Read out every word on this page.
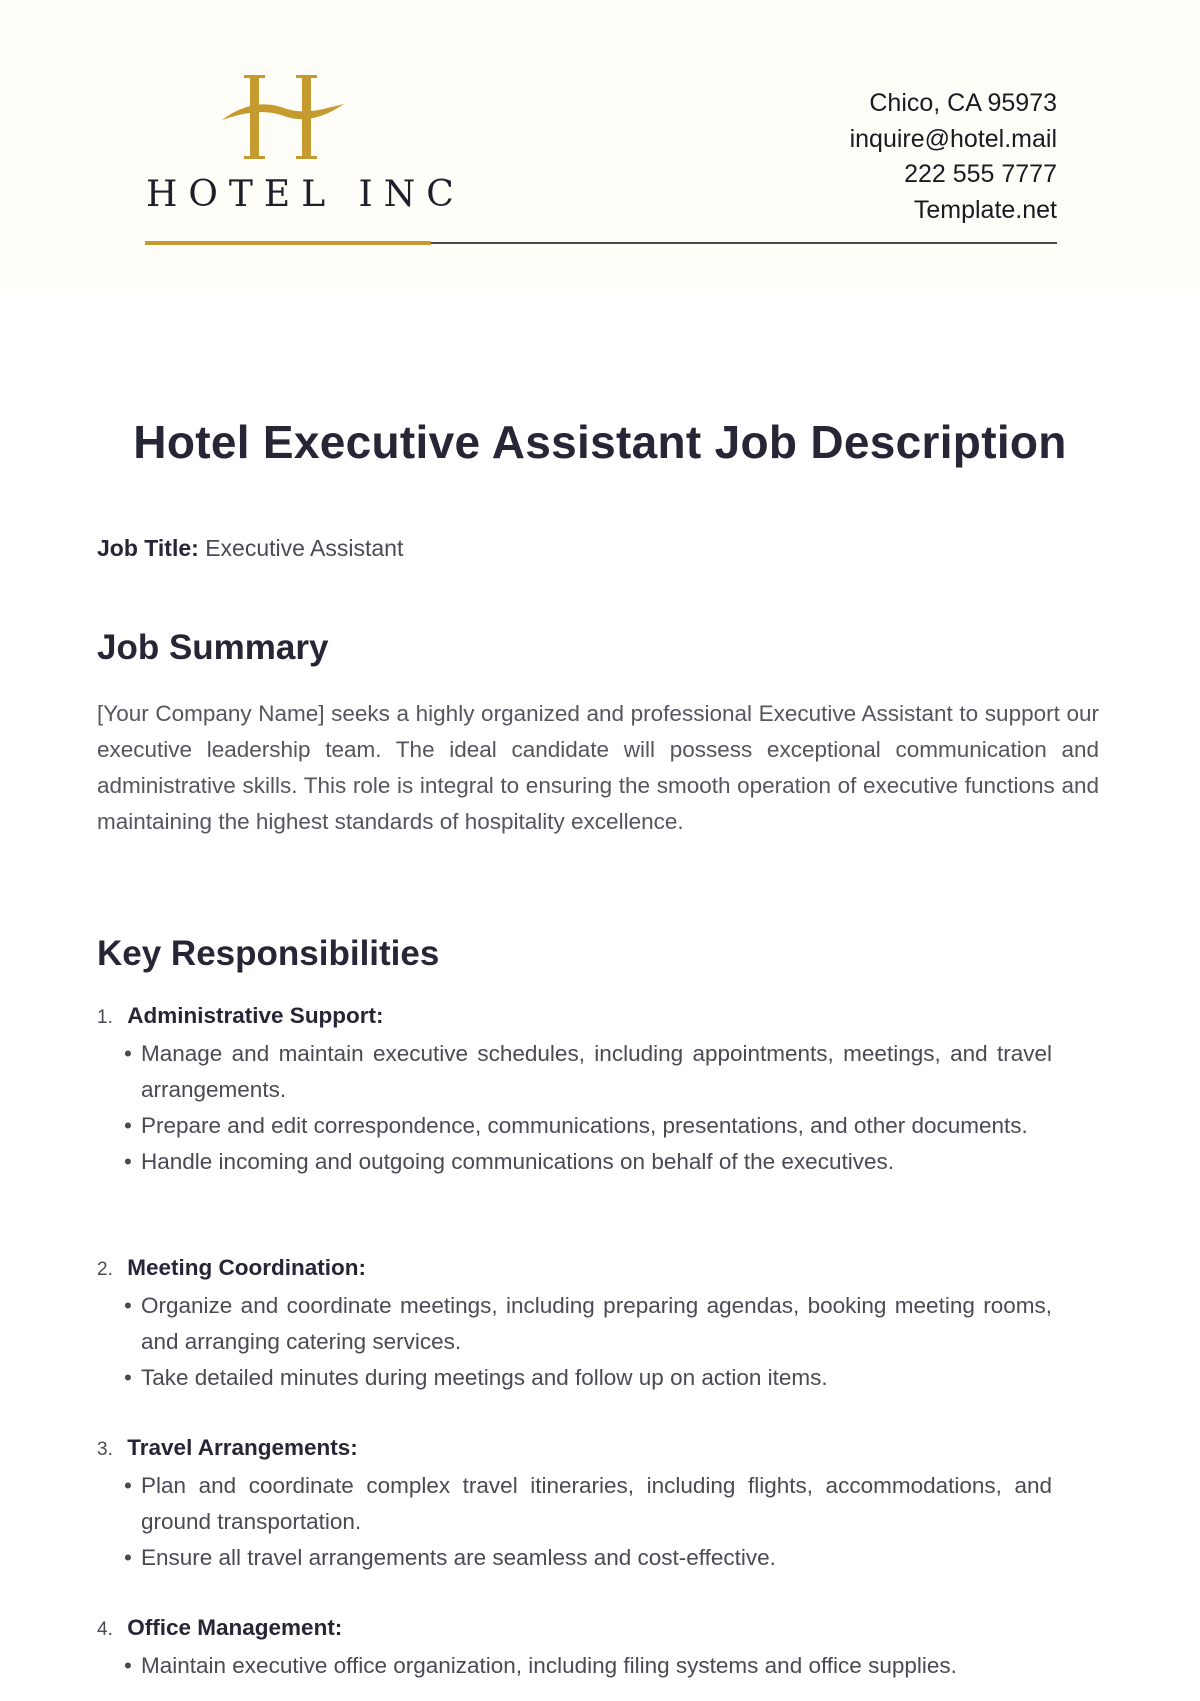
HOTEL INC
Chico, CA 95973
inquire@hotel.mail
222 555 7777
Template.net
Hotel Executive Assistant Job Description
Job Title: Executive Assistant
Job Summary

[Your Company Name] seeks a highly organized and professional Executive Assistant to support our executive leadership team. The ideal candidate will possess exceptional communication and administrative skills. This role is integral to ensuring the smooth operation of executive functions and maintaining the highest standards of hospitality excellence.

Key Responsibilities
1. Administrative Support:
• Manage and maintain executive schedules, including appointments, meetings, and travel arrangements.
• Prepare and edit correspondence, communications, presentations, and other documents.
• Handle incoming and outgoing communications on behalf of the executives.
2. Meeting Coordination:
• Organize and coordinate meetings, including preparing agendas, booking meeting rooms, and arranging catering services.
• Take detailed minutes during meetings and follow up on action items.
3. Travel Arrangements:
• Plan and coordinate complex travel itineraries, including flights, accommodations, and ground transportation.
• Ensure all travel arrangements are seamless and cost-effective.
4. Office Management:
• Maintain executive office organization, including filing systems and office supplies.
